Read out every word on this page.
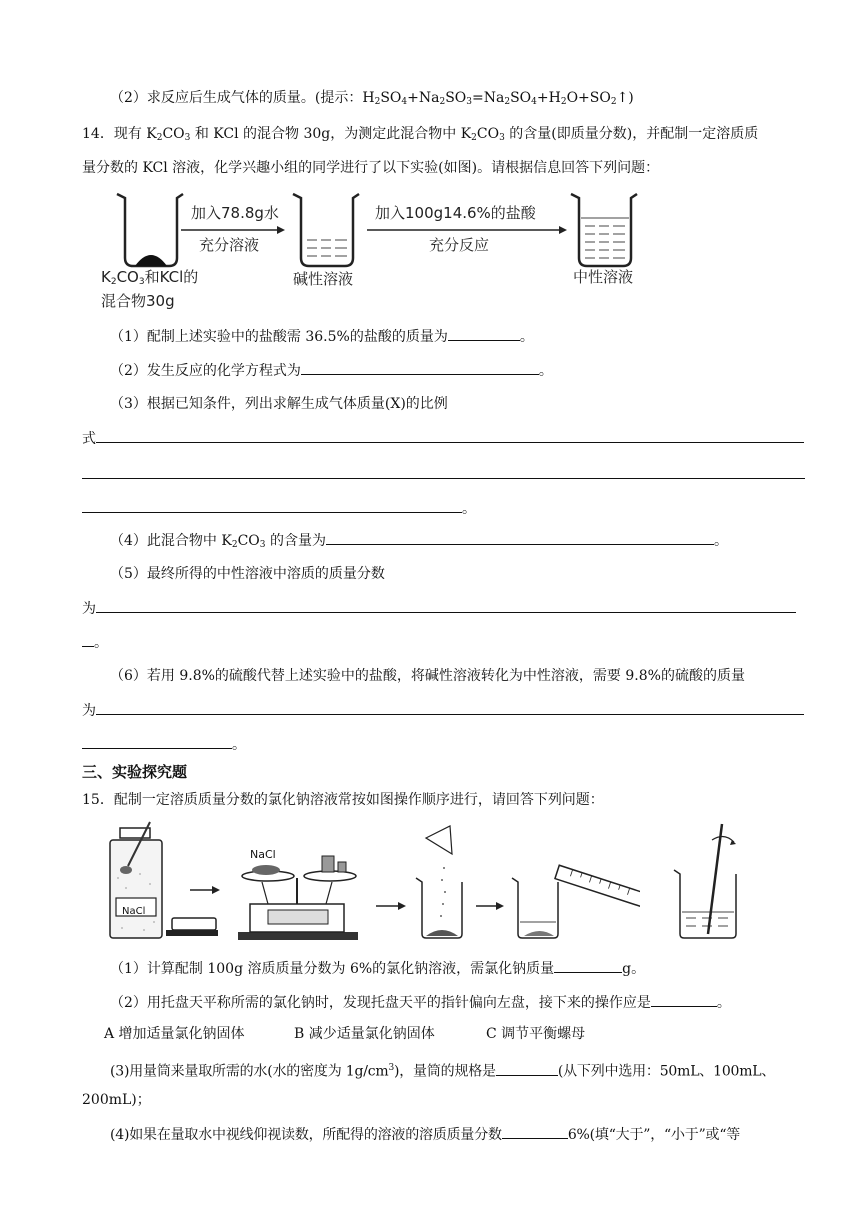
（2）求反应后生成气体的质量。(提示：$H_2SO_4+Na_2SO_3=Na_2SO_4+H_2O+SO_2↑$)
14．现有 $K_2CO_3$ 和 KCl 的混合物 30g，为测定此混合物中 $K_2CO_3$ 的含量(即质量分数)，并配制一定溶质质
量分数的 KCl 溶液，化学兴趣小组的同学进行了以下实验(如图)。请根据信息回答下列问题：
加入78.8g水
充分溶液
加入100g14.6%的盐酸
充分反应
$K_2CO_3$和KCl的
混合物30g
碱性溶液	中性溶液
（1）配制上述实验中的盐酸需 36.5%的盐酸的质量为	。
（2）发生反应的化学方程式为	。
（3）根据已知条件，列出求解生成气体质量(X)的比例
式
。
（4）此混合物中 $K_2CO_3$ 的含量为	。
（5）最终所得的中性溶液中溶质的质量分数
为
。
（6）若用 9.8%的硫酸代替上述实验中的盐酸，将碱性溶液转化为中性溶液，需要 9.8%的硫酸的质量
为
。
三、实验探究题
15．配制一定溶质质量分数的氯化钠溶液常按如图操作顺序进行，请回答下列问题：
NaCl
NaCl
（1）计算配制 100g 溶质质量分数为 6%的氯化钠溶液，需氯化钠质量	g。
（2）用托盘天平称所需的氯化钠时，发现托盘天平的指针偏向左盘，接下来的操作应是	。
A 增加适量氯化钠固体	B 减少适量氯化钠固体	C 调节平衡螺母
(3)用量筒来量取所需的水(水的密度为 $1g/cm^3$)，量筒的规格是	(从下列中选用：50mL、100mL、
200mL)；
(4)如果在量取水中视线仰视读数，所配得的溶液的溶质质量分数	6%(填“大于”，“小于”或“等
